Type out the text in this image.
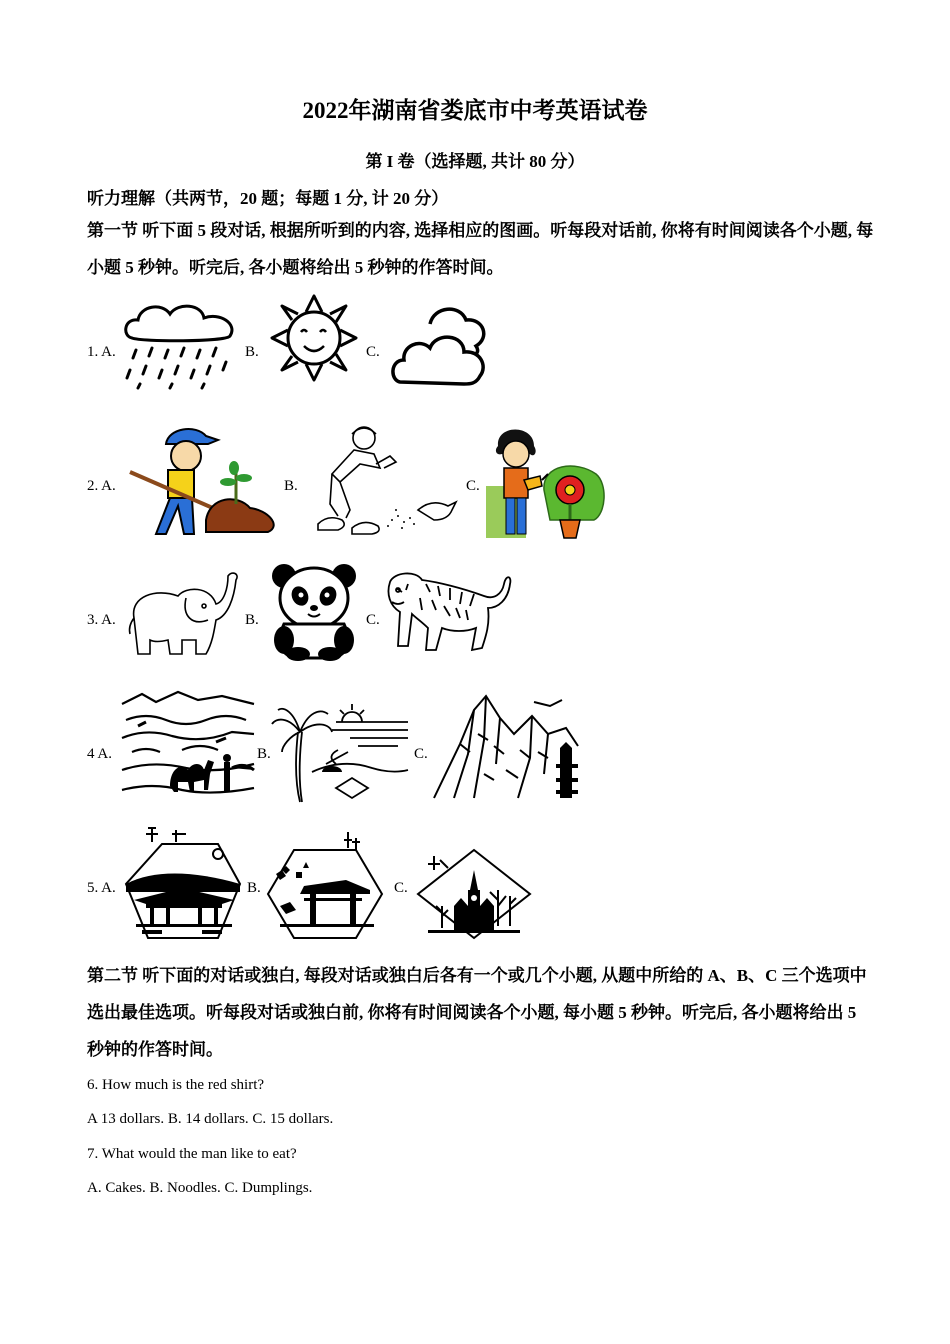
2022年湖南省娄底市中考英语试卷
第 I 卷（选择题, 共计 80 分）
听力理解（共两节，20 题；每题 1 分, 计 20 分）
第一节 听下面 5 段对话, 根据所听到的内容, 选择相应的图画。听每段对话前, 你将有时间阅读各个小题, 每小题 5 秒钟。听完后, 各小题将给出 5 秒钟的作答时间。
1. A.	B.	C.
2. A.	B.	C.
3. A.	B.	C.
4 A.	B.	C.
5. A.	B.	C.
第二节 听下面的对话或独白, 每段对话或独白后各有一个或几个小题, 从题中所给的 A、B、C 三个选项中选出最佳选项。听每段对话或独白前, 你将有时间阅读各个小题, 每小题 5 秒钟。听完后, 各小题将给出 5 秒钟的作答时间。
6. How much is the red shirt?
A 13 dollars. B. 14 dollars. C. 15 dollars.
7. What would the man like to eat?
A. Cakes. B. Noodles. C. Dumplings.
